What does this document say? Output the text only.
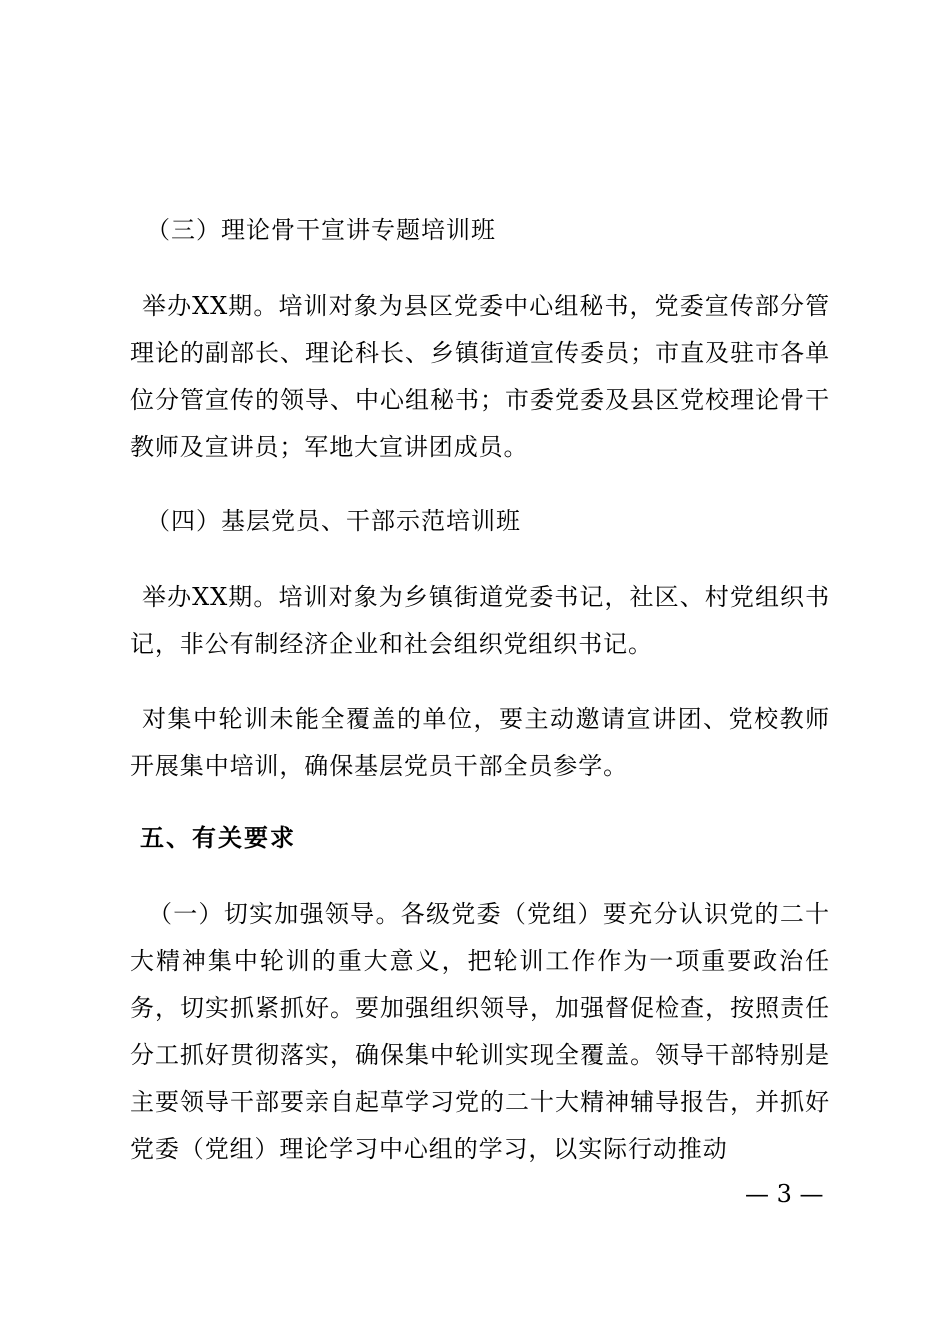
（三）理论骨干宣讲专题培训班
举办XX期。培训对象为县区党委中心组秘书，党委宣传部分管理论的副部长、理论科长、乡镇街道宣传委员；市直及驻市各单位分管宣传的领导、中心组秘书；市委党委及县区党校理论骨干教师及宣讲员；军地大宣讲团成员。
（四）基层党员、干部示范培训班
举办XX期。培训对象为乡镇街道党委书记，社区、村党组织书记，非公有制经济企业和社会组织党组织书记。
对集中轮训未能全覆盖的单位，要主动邀请宣讲团、党校教师开展集中培训，确保基层党员干部全员参学。
五、有关要求
（一）切实加强领导。各级党委（党组）要充分认识党的二十大精神集中轮训的重大意义，把轮训工作作为一项重要政治任务，切实抓紧抓好。要加强组织领导，加强督促检查，按照责任分工抓好贯彻落实，确保集中轮训实现全覆盖。领导干部特别是主要领导干部要亲自起草学习党的二十大精神辅导报告，并抓好党委（党组）理论学习中心组的学习，以实际行动推动
— 3 —
